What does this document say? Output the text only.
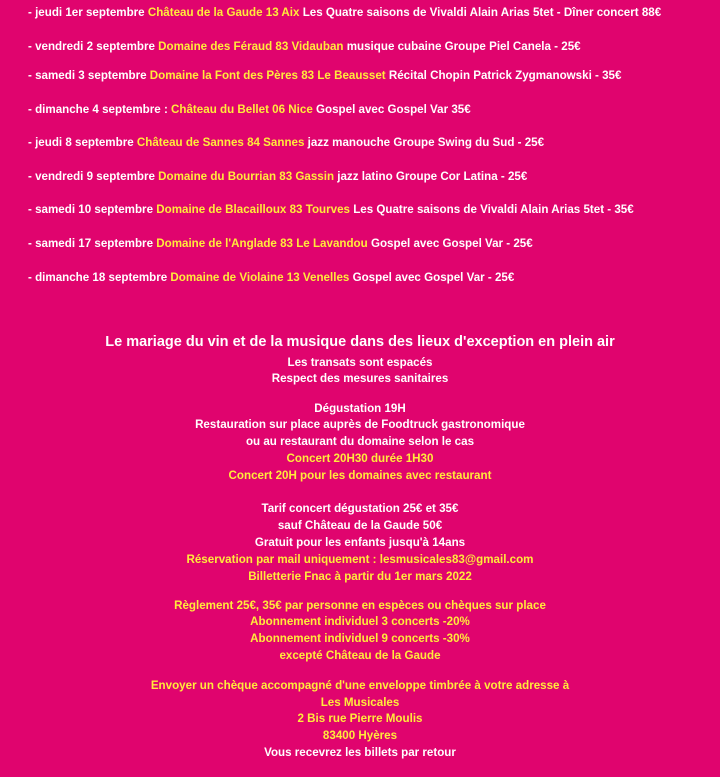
- jeudi 1er septembre Château de la Gaude 13 Aix Les Quatre saisons de Vivaldi Alain Arias 5tet - Dîner concert 88€
- vendredi 2 septembre Domaine des Féraud 83 Vidauban musique cubaine Groupe Piel Canela - 25€
- samedi 3 septembre Domaine la Font des Pères 83 Le Beausset Récital Chopin Patrick Zygmanowski - 35€
- dimanche 4 septembre : Château du Bellet 06 Nice Gospel avec Gospel Var 35€
- jeudi 8 septembre Château de Sannes 84 Sannes jazz manouche Groupe Swing du Sud - 25€
- vendredi 9 septembre Domaine du Bourrian 83 Gassin jazz latino Groupe Cor Latina - 25€
- samedi 10 septembre Domaine de Blacailloux 83 Tourves Les Quatre saisons de Vivaldi Alain Arias 5tet - 35€
- samedi 17 septembre Domaine de l'Anglade 83 Le Lavandou Gospel avec Gospel Var - 25€
- dimanche 18 septembre Domaine de Violaine 13 Venelles Gospel avec Gospel Var - 25€
Le mariage du vin et de la musique dans des lieux d'exception en plein air
Les transats sont espacés
Respect des mesures sanitaires
Dégustation 19H
Restauration sur place auprès de Foodtruck gastronomique
ou au restaurant du domaine selon le cas
Concert 20H30 durée 1H30
Concert 20H pour les domaines avec restaurant
Tarif concert dégustation 25€ et 35€
sauf Château de la Gaude 50€
Gratuit pour les enfants jusqu'à 14ans
Réservation par mail uniquement : lesmusicales83@gmail.com
Billetterie Fnac à partir du 1er mars 2022
Règlement 25€, 35€ par personne en espèces ou chèques sur place
Abonnement individuel 3 concerts -20%
Abonnement individuel 9 concerts -30%
excepté Château de la Gaude
Envoyer un chèque accompagné d'une enveloppe timbrée à votre adresse à
Les Musicales
2 Bis rue Pierre Moulis
83400 Hyères
Vous recevrez les billets par retour
